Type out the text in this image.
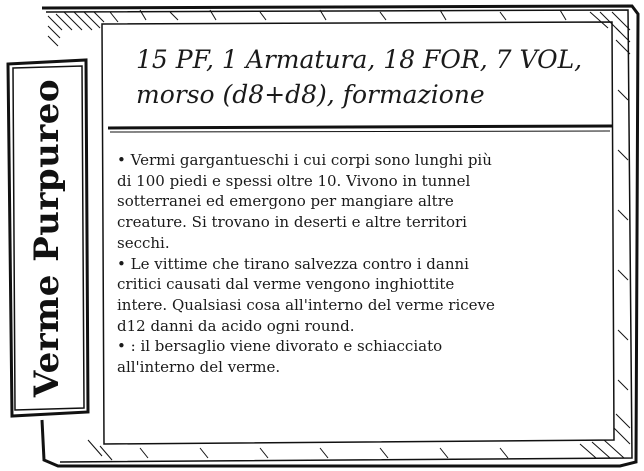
Verme Purpureo
15 PF, 1 Armatura, 18 FOR, 7 VOL,
morso (d8+d8), formazione
• Vermi gargantueschi i cui corpi sono lunghi più
di 100 piedi e spessi oltre 10. Vivono in tunnel
sotterranei ed emergono per mangiare altre
creature. Si trovano in deserti e altre territori
secchi.
• Le vittime che tirano salvezza contro i danni
critici causati dal verme vengono inghiottite
intere. Qualsiasi cosa all'interno del verme riceve
d12 danni da acido ogni round.
• : il bersaglio viene divorato e schiacciato
all'interno del verme.
